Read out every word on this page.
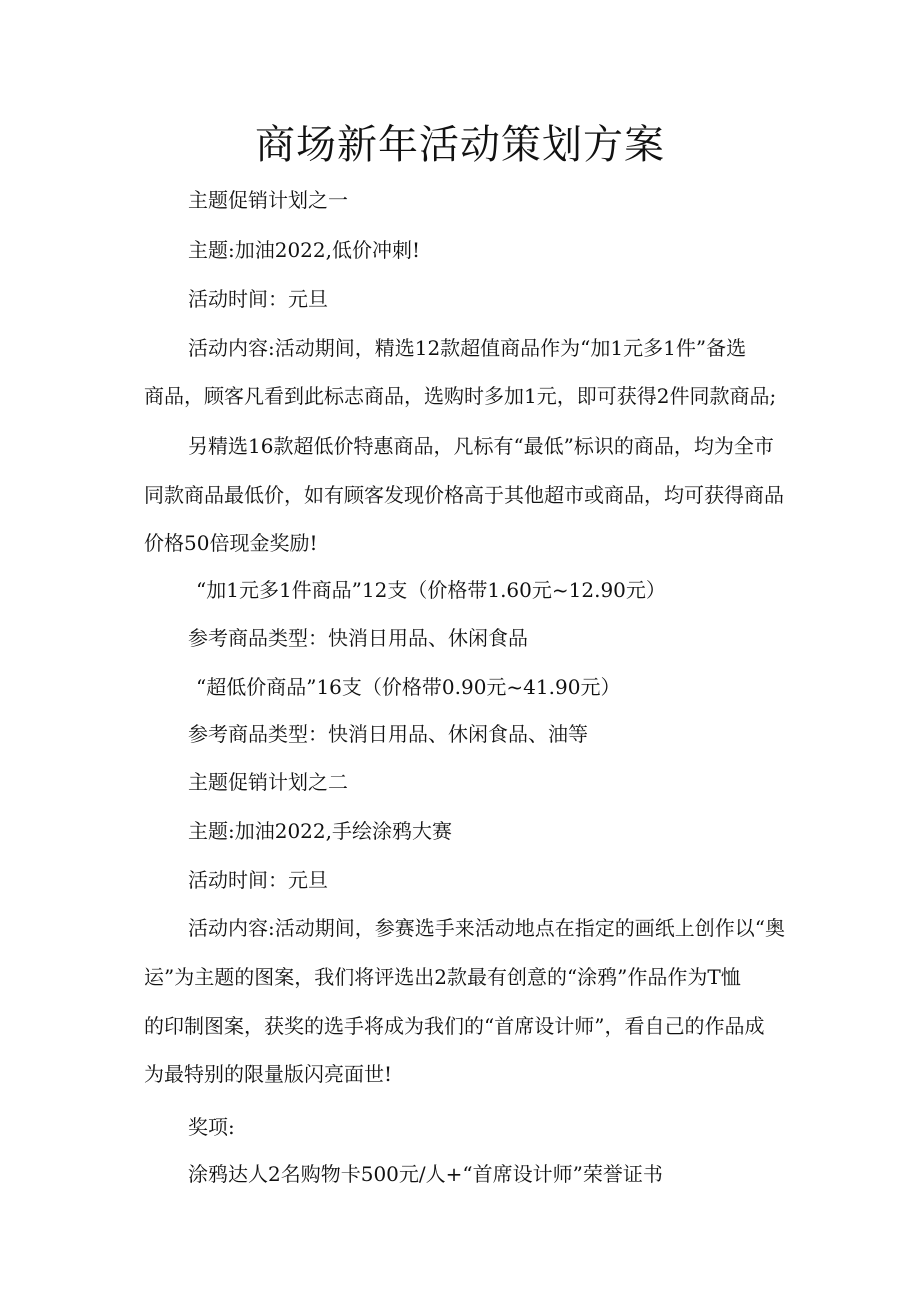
商场新年活动策划方案
主题促销计划之一
主题:加油2022,低价冲刺!
活动时间：元旦
活动内容:活动期间，精选12款超值商品作为“加1元多1件”备选
商品，顾客凡看到此标志商品，选购时多加1元，即可获得2件同款商品;
另精选16款超低价特惠商品，凡标有“最低”标识的商品，均为全市
同款商品最低价，如有顾客发现价格高于其他超市或商品，均可获得商品
价格50倍现金奖励!
“加1元多1件商品”12支（价格带1.60元~12.90元）
参考商品类型：快消日用品、休闲食品
“超低价商品”16支（价格带0.90元~41.90元）
参考商品类型：快消日用品、休闲食品、油等
主题促销计划之二
主题:加油2022,手绘涂鸦大赛
活动时间：元旦
活动内容:活动期间，参赛选手来活动地点在指定的画纸上创作以“奥
运”为主题的图案，我们将评选出2款最有创意的“涂鸦”作品作为T恤
的印制图案，获奖的选手将成为我们的“首席设计师”，看自己的作品成
为最特别的限量版闪亮面世!
奖项:
涂鸦达人2名购物卡500元/人+“首席设计师”荣誉证书
